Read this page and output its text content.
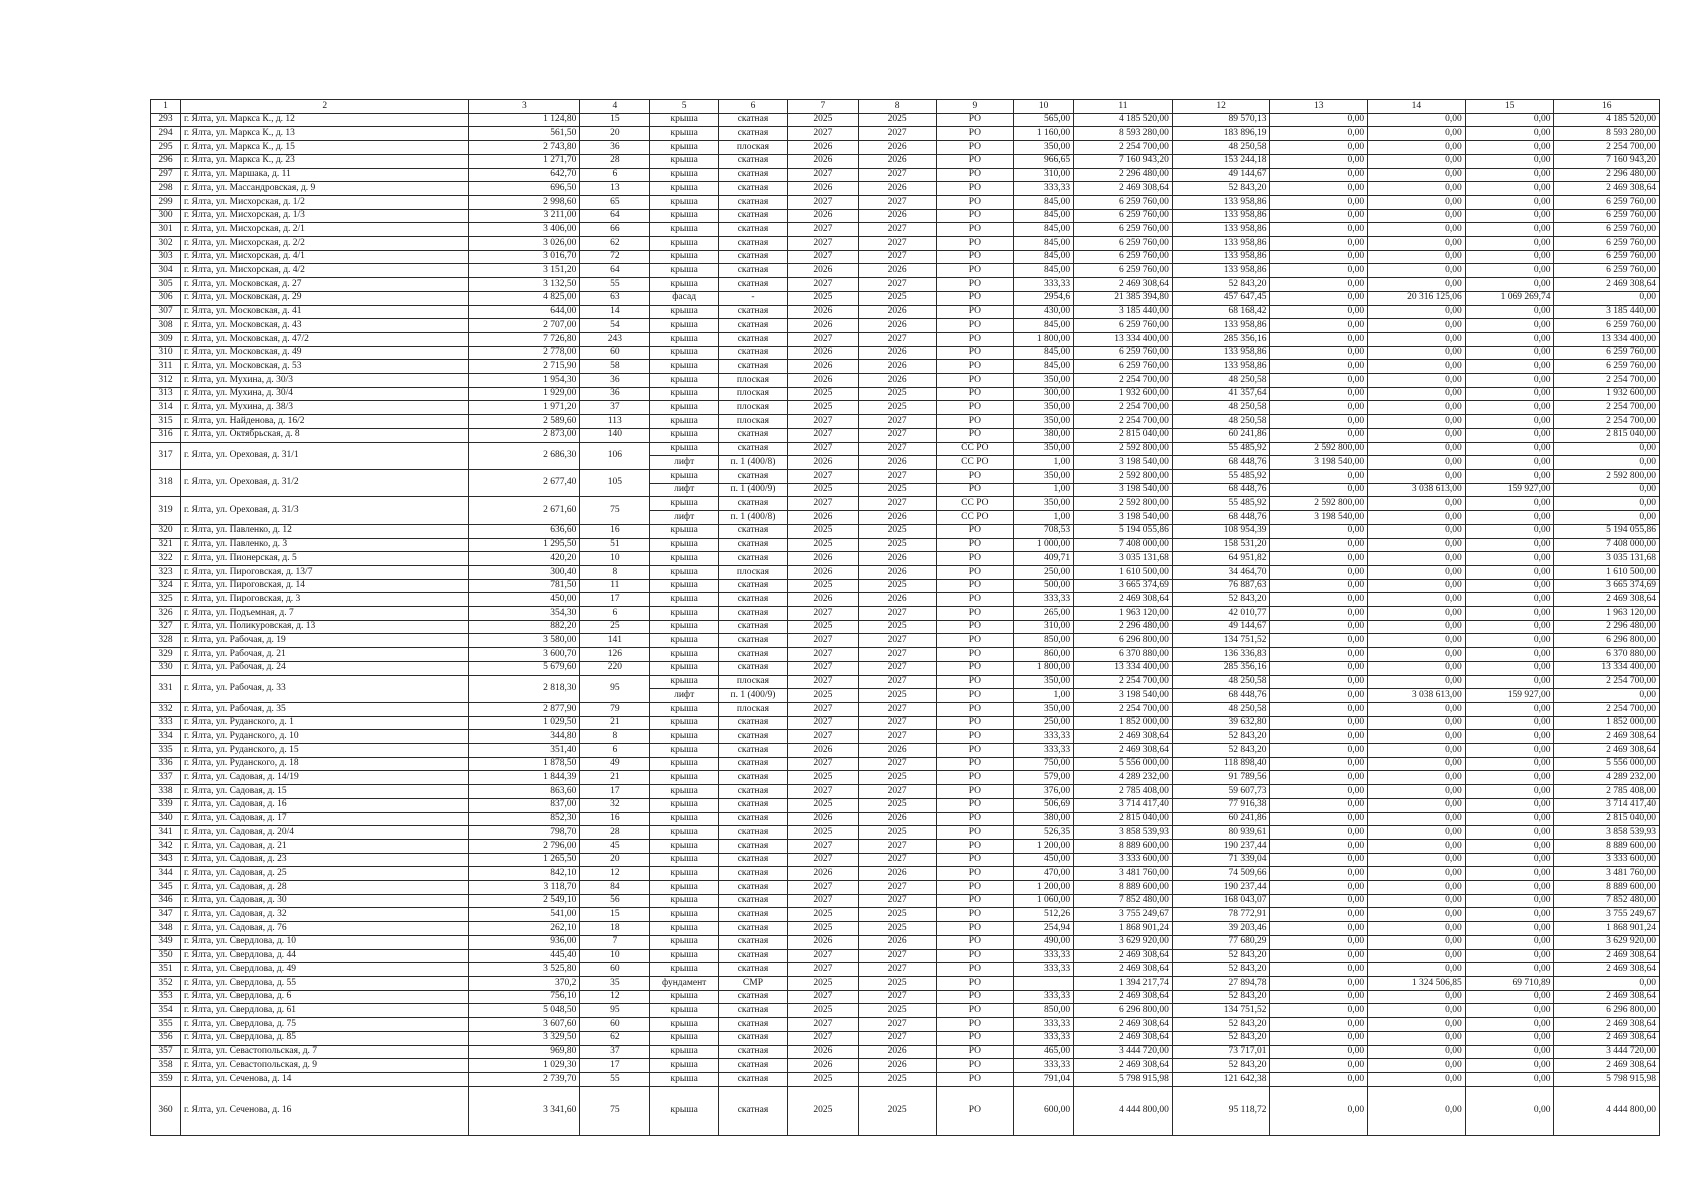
1	2	3	4	5	6	7	8	9	10	11	12	13	14	15	16
293	г. Ялта, ул. Маркса К., д. 12	1 124,80	15	крыша	скатная	2025	2025	РО	565,00	4 185 520,00	89 570,13	0,00	0,00	0,00	4 185 520,00
294	г. Ялта, ул. Маркса К., д. 13	561,50	20	крыша	скатная	2027	2027	РО	1 160,00	8 593 280,00	183 896,19	0,00	0,00	0,00	8 593 280,00
295	г. Ялта, ул. Маркса К., д. 15	2 743,80	36	крыша	плоская	2026	2026	РО	350,00	2 254 700,00	48 250,58	0,00	0,00	0,00	2 254 700,00
296	г. Ялта, ул. Маркса К., д. 23	1 271,70	28	крыша	скатная	2026	2026	РО	966,65	7 160 943,20	153 244,18	0,00	0,00	0,00	7 160 943,20
297	г. Ялта, ул. Маршака, д. 11	642,70	6	крыша	скатная	2027	2027	РО	310,00	2 296 480,00	49 144,67	0,00	0,00	0,00	2 296 480,00
298	г. Ялта, ул. Массандровская, д. 9	696,50	13	крыша	скатная	2026	2026	РО	333,33	2 469 308,64	52 843,20	0,00	0,00	0,00	2 469 308,64
299	г. Ялта, ул. Мисхорская, д. 1/2	2 998,60	65	крыша	скатная	2027	2027	РО	845,00	6 259 760,00	133 958,86	0,00	0,00	0,00	6 259 760,00
300	г. Ялта, ул. Мисхорская, д. 1/3	3 211,00	64	крыша	скатная	2026	2026	РО	845,00	6 259 760,00	133 958,86	0,00	0,00	0,00	6 259 760,00
301	г. Ялта, ул. Мисхорская, д. 2/1	3 406,00	66	крыша	скатная	2027	2027	РО	845,00	6 259 760,00	133 958,86	0,00	0,00	0,00	6 259 760,00
302	г. Ялта, ул. Мисхорская, д. 2/2	3 026,00	62	крыша	скатная	2027	2027	РО	845,00	6 259 760,00	133 958,86	0,00	0,00	0,00	6 259 760,00
303	г. Ялта, ул. Мисхорская, д. 4/1	3 016,70	72	крыша	скатная	2027	2027	РО	845,00	6 259 760,00	133 958,86	0,00	0,00	0,00	6 259 760,00
304	г. Ялта, ул. Мисхорская, д. 4/2	3 151,20	64	крыша	скатная	2026	2026	РО	845,00	6 259 760,00	133 958,86	0,00	0,00	0,00	6 259 760,00
305	г. Ялта, ул. Московская, д. 27	3 132,50	55	крыша	скатная	2027	2027	РО	333,33	2 469 308,64	52 843,20	0,00	0,00	0,00	2 469 308,64
306	г. Ялта, ул. Московская, д. 29	4 825,00	63	фасад	-	2025	2025	РО	2954,6	21 385 394,80	457 647,45	0,00	20 316 125,06	1 069 269,74	0,00
307	г. Ялта, ул. Московская, д. 41	644,00	14	крыша	скатная	2026	2026	РО	430,00	3 185 440,00	68 168,42	0,00	0,00	0,00	3 185 440,00
308	г. Ялта, ул. Московская, д. 43	2 707,00	54	крыша	скатная	2026	2026	РО	845,00	6 259 760,00	133 958,86	0,00	0,00	0,00	6 259 760,00
309	г. Ялта, ул. Московская, д. 47/2	7 726,80	243	крыша	скатная	2027	2027	РО	1 800,00	13 334 400,00	285 356,16	0,00	0,00	0,00	13 334 400,00
310	г. Ялта, ул. Московская, д. 49	2 778,00	60	крыша	скатная	2026	2026	РО	845,00	6 259 760,00	133 958,86	0,00	0,00	0,00	6 259 760,00
311	г. Ялта, ул. Московская, д. 53	2 715,90	58	крыша	скатная	2026	2026	РО	845,00	6 259 760,00	133 958,86	0,00	0,00	0,00	6 259 760,00
312	г. Ялта, ул. Мухина, д. 30/3	1 954,30	36	крыша	плоская	2026	2026	РО	350,00	2 254 700,00	48 250,58	0,00	0,00	0,00	2 254 700,00
313	г. Ялта, ул. Мухина, д. 30/4	1 929,00	36	крыша	плоская	2025	2025	РО	300,00	1 932 600,00	41 357,64	0,00	0,00	0,00	1 932 600,00
314	г. Ялта, ул. Мухина, д. 38/3	1 971,20	37	крыша	плоская	2025	2025	РО	350,00	2 254 700,00	48 250,58	0,00	0,00	0,00	2 254 700,00
315	г. Ялта, ул. Найденова, д. 16/2	2 589,60	113	крыша	плоская	2027	2027	РО	350,00	2 254 700,00	48 250,58	0,00	0,00	0,00	2 254 700,00
316	г. Ялта, ул. Октябрьская, д. 8	2 873,00	140	крыша	скатная	2027	2027	РО	380,00	2 815 040,00	60 241,86	0,00	0,00	0,00	2 815 040,00
317	г. Ялта, ул. Ореховая, д. 31/1	2 686,30	106	крыша	скатная	2027	2027	СС РО	350,00	2 592 800,00	55 485,92	2 592 800,00	0,00	0,00	0,00
				лифт	п. 1 (400/8)	2026	2026	СС РО	1,00	3 198 540,00	68 448,76	3 198 540,00	0,00	0,00	0,00
318	г. Ялта, ул. Ореховая, д. 31/2	2 677,40	105	крыша	скатная	2027	2027	РО	350,00	2 592 800,00	55 485,92	0,00	0,00	0,00	2 592 800,00
				лифт	п. 1 (400/9)	2025	2025	РО	1,00	3 198 540,00	68 448,76	0,00	3 038 613,00	159 927,00	0,00
319	г. Ялта, ул. Ореховая, д. 31/3	2 671,60	75	крыша	скатная	2027	2027	СС РО	350,00	2 592 800,00	55 485,92	2 592 800,00	0,00	0,00	0,00
				лифт	п. 1 (400/8)	2026	2026	СС РО	1,00	3 198 540,00	68 448,76	3 198 540,00	0,00	0,00	0,00
320	г. Ялта, ул. Павленко, д. 12	636,60	16	крыша	скатная	2025	2025	РО	708,53	5 194 055,86	108 954,39	0,00	0,00	0,00	5 194 055,86
321	г. Ялта, ул. Павленко, д. 3	1 295,50	51	крыша	скатная	2025	2025	РО	1 000,00	7 408 000,00	158 531,20	0,00	0,00	0,00	7 408 000,00
322	г. Ялта, ул. Пионерская, д. 5	420,20	10	крыша	скатная	2026	2026	РО	409,71	3 035 131,68	64 951,82	0,00	0,00	0,00	3 035 131,68
323	г. Ялта, ул. Пироговская, д. 13/7	300,40	8	крыша	плоская	2026	2026	РО	250,00	1 610 500,00	34 464,70	0,00	0,00	0,00	1 610 500,00
324	г. Ялта, ул. Пироговская, д. 14	781,50	11	крыша	скатная	2025	2025	РО	500,00	3 665 374,69	76 887,63	0,00	0,00	0,00	3 665 374,69
325	г. Ялта, ул. Пироговская, д. 3	450,00	17	крыша	скатная	2026	2026	РО	333,33	2 469 308,64	52 843,20	0,00	0,00	0,00	2 469 308,64
326	г. Ялта, ул. Подъемная, д. 7	354,30	6	крыша	скатная	2027	2027	РО	265,00	1 963 120,00	42 010,77	0,00	0,00	0,00	1 963 120,00
327	г. Ялта, ул. Поликуровская, д. 13	882,20	25	крыша	скатная	2025	2025	РО	310,00	2 296 480,00	49 144,67	0,00	0,00	0,00	2 296 480,00
328	г. Ялта, ул. Рабочая, д. 19	3 580,00	141	крыша	скатная	2027	2027	РО	850,00	6 296 800,00	134 751,52	0,00	0,00	0,00	6 296 800,00
329	г. Ялта, ул. Рабочая, д. 21	3 600,70	126	крыша	скатная	2027	2027	РО	860,00	6 370 880,00	136 336,83	0,00	0,00	0,00	6 370 880,00
330	г. Ялта, ул. Рабочая, д. 24	5 679,60	220	крыша	скатная	2027	2027	РО	1 800,00	13 334 400,00	285 356,16	0,00	0,00	0,00	13 334 400,00
331	г. Ялта, ул. Рабочая, д. 33	2 818,30	95	крыша	плоская	2027	2027	РО	350,00	2 254 700,00	48 250,58	0,00	0,00	0,00	2 254 700,00
				лифт	п. 1 (400/9)	2025	2025	РО	1,00	3 198 540,00	68 448,76	0,00	3 038 613,00	159 927,00	0,00
332	г. Ялта, ул. Рабочая, д. 35	2 877,90	79	крыша	плоская	2027	2027	РО	350,00	2 254 700,00	48 250,58	0,00	0,00	0,00	2 254 700,00
333	г. Ялта, ул. Руданского, д. 1	1 029,50	21	крыша	скатная	2027	2027	РО	250,00	1 852 000,00	39 632,80	0,00	0,00	0,00	1 852 000,00
334	г. Ялта, ул. Руданского, д. 10	344,80	8	крыша	скатная	2027	2027	РО	333,33	2 469 308,64	52 843,20	0,00	0,00	0,00	2 469 308,64
335	г. Ялта, ул. Руданского, д. 15	351,40	6	крыша	скатная	2026	2026	РО	333,33	2 469 308,64	52 843,20	0,00	0,00	0,00	2 469 308,64
336	г. Ялта, ул. Руданского, д. 18	1 878,50	49	крыша	скатная	2027	2027	РО	750,00	5 556 000,00	118 898,40	0,00	0,00	0,00	5 556 000,00
337	г. Ялта, ул. Садовая, д. 14/19	1 844,39	21	крыша	скатная	2025	2025	РО	579,00	4 289 232,00	91 789,56	0,00	0,00	0,00	4 289 232,00
338	г. Ялта, ул. Садовая, д. 15	863,60	17	крыша	скатная	2027	2027	РО	376,00	2 785 408,00	59 607,73	0,00	0,00	0,00	2 785 408,00
339	г. Ялта, ул. Садовая, д. 16	837,00	32	крыша	скатная	2025	2025	РО	506,69	3 714 417,40	77 916,38	0,00	0,00	0,00	3 714 417,40
340	г. Ялта, ул. Садовая, д. 17	852,30	16	крыша	скатная	2026	2026	РО	380,00	2 815 040,00	60 241,86	0,00	0,00	0,00	2 815 040,00
341	г. Ялта, ул. Садовая, д. 20/4	798,70	28	крыша	скатная	2025	2025	РО	526,35	3 858 539,93	80 939,61	0,00	0,00	0,00	3 858 539,93
342	г. Ялта, ул. Садовая, д. 21	2 796,00	45	крыша	скатная	2027	2027	РО	1 200,00	8 889 600,00	190 237,44	0,00	0,00	0,00	8 889 600,00
343	г. Ялта, ул. Садовая, д. 23	1 265,50	20	крыша	скатная	2027	2027	РО	450,00	3 333 600,00	71 339,04	0,00	0,00	0,00	3 333 600,00
344	г. Ялта, ул. Садовая, д. 25	842,10	12	крыша	скатная	2026	2026	РО	470,00	3 481 760,00	74 509,66	0,00	0,00	0,00	3 481 760,00
345	г. Ялта, ул. Садовая, д. 28	3 118,70	84	крыша	скатная	2027	2027	РО	1 200,00	8 889 600,00	190 237,44	0,00	0,00	0,00	8 889 600,00
346	г. Ялта, ул. Садовая, д. 30	2 549,10	56	крыша	скатная	2027	2027	РО	1 060,00	7 852 480,00	168 043,07	0,00	0,00	0,00	7 852 480,00
347	г. Ялта, ул. Садовая, д. 32	541,00	15	крыша	скатная	2025	2025	РО	512,26	3 755 249,67	78 772,91	0,00	0,00	0,00	3 755 249,67
348	г. Ялта, ул. Садовая, д. 76	262,10	18	крыша	скатная	2025	2025	РО	254,94	1 868 901,24	39 203,46	0,00	0,00	0,00	1 868 901,24
349	г. Ялта, ул. Свердлова, д. 10	936,00	7	крыша	скатная	2026	2026	РО	490,00	3 629 920,00	77 680,29	0,00	0,00	0,00	3 629 920,00
350	г. Ялта, ул. Свердлова, д. 44	445,40	10	крыша	скатная	2027	2027	РО	333,33	2 469 308,64	52 843,20	0,00	0,00	0,00	2 469 308,64
351	г. Ялта, ул. Свердлова, д. 49	3 525,80	60	крыша	скатная	2027	2027	РО	333,33	2 469 308,64	52 843,20	0,00	0,00	0,00	2 469 308,64
352	г. Ялта, ул. Свердлова, д. 55	370,2	35	фундамент	СМР	2025	2025	РО		1 394 217,74	27 894,78	0,00	1 324 506,85	69 710,89	0,00
353	г. Ялта, ул. Свердлова, д. 6	756,10	12	крыша	скатная	2027	2027	РО	333,33	2 469 308,64	52 843,20	0,00	0,00	0,00	2 469 308,64
354	г. Ялта, ул. Свердлова, д. 61	5 048,50	95	крыша	скатная	2025	2025	РО	850,00	6 296 800,00	134 751,52	0,00	0,00	0,00	6 296 800,00
355	г. Ялта, ул. Свердлова, д. 75	3 607,60	60	крыша	скатная	2027	2027	РО	333,33	2 469 308,64	52 843,20	0,00	0,00	0,00	2 469 308,64
356	г. Ялта, ул. Свердлова, д. 85	3 329,50	62	крыша	скатная	2027	2027	РО	333,33	2 469 308,64	52 843,20	0,00	0,00	0,00	2 469 308,64
357	г. Ялта, ул. Севастопольская, д. 7	969,80	37	крыша	скатная	2026	2026	РО	465,00	3 444 720,00	73 717,01	0,00	0,00	0,00	3 444 720,00
358	г. Ялта, ул. Севастопольская, д. 9	1 029,30	17	крыша	скатная	2026	2026	РО	333,33	2 469 308,64	52 843,20	0,00	0,00	0,00	2 469 308,64
359	г. Ялта, ул. Сеченова, д. 14	2 739,70	55	крыша	скатная	2025	2025	РО	791,04	5 798 915,98	121 642,38	0,00	0,00	0,00	5 798 915,98
360	г. Ялта, ул. Сеченова, д. 16	3 341,60	75	крыша	скатная	2025	2025	РО	600,00	4 444 800,00	95 118,72	0,00	0,00	0,00	4 444 800,00
